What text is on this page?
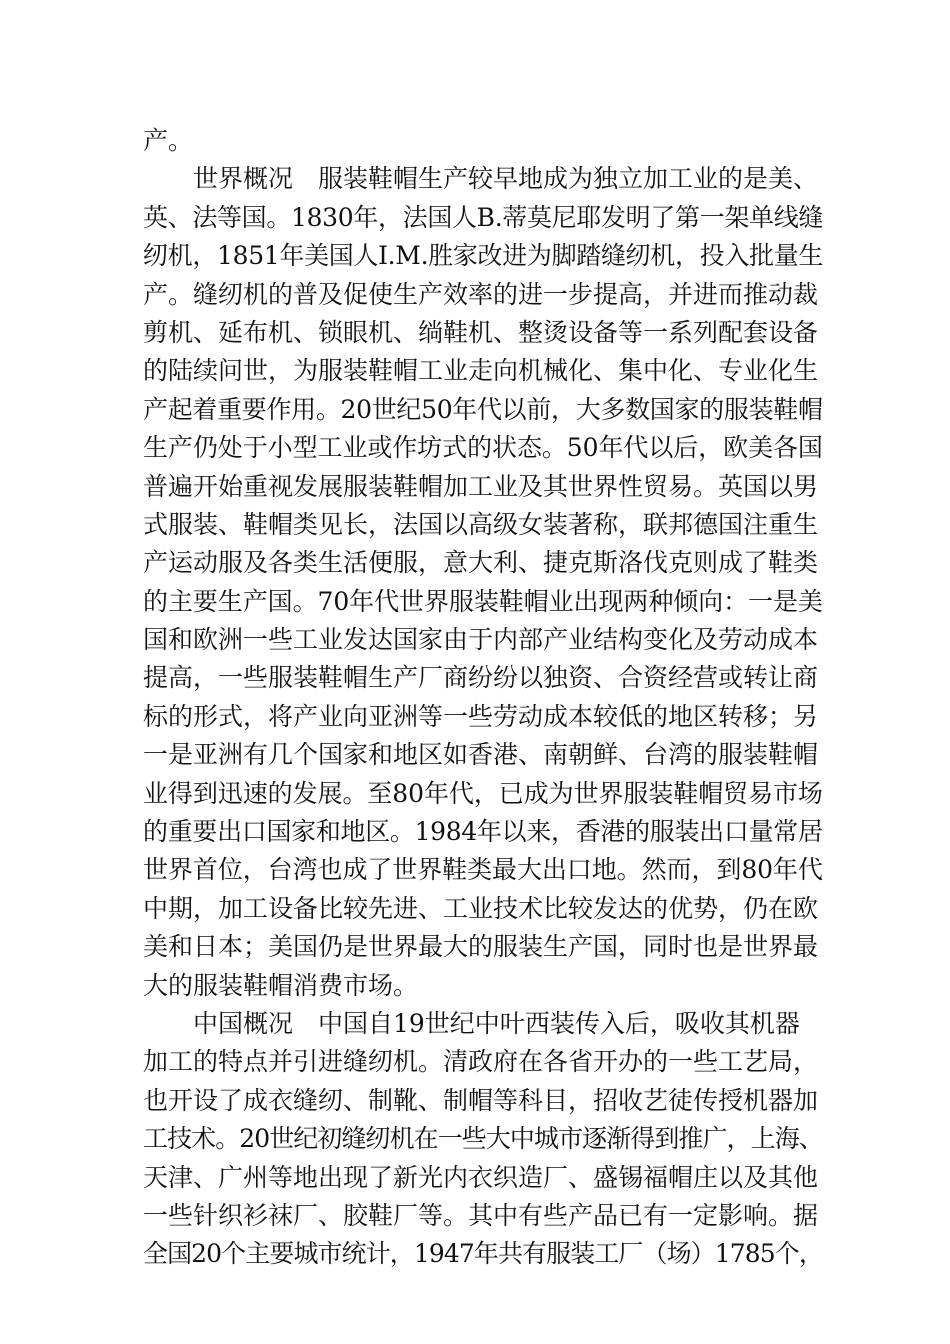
产。
世界概况　服装鞋帽生产较早地成为独立加工业的是美、
英、法等国。1830年，法国人B.蒂莫尼耶发明了第一架单线缝
纫机，1851年美国人I.M.胜家改进为脚踏缝纫机，投入批量生
产。缝纫机的普及促使生产效率的进一步提高，并进而推动裁
剪机、延布机、锁眼机、绱鞋机、整烫设备等一系列配套设备
的陆续问世，为服装鞋帽工业走向机械化、集中化、专业化生
产起着重要作用。20世纪50年代以前，大多数国家的服装鞋帽
生产仍处于小型工业或作坊式的状态。50年代以后，欧美各国
普遍开始重视发展服装鞋帽加工业及其世界性贸易。英国以男
式服装、鞋帽类见长，法国以高级女装著称，联邦德国注重生
产运动服及各类生活便服，意大利、捷克斯洛伐克则成了鞋类
的主要生产国。70年代世界服装鞋帽业出现两种倾向：一是美
国和欧洲一些工业发达国家由于内部产业结构变化及劳动成本
提高，一些服装鞋帽生产厂商纷纷以独资、合资经营或转让商
标的形式，将产业向亚洲等一些劳动成本较低的地区转移；另
一是亚洲有几个国家和地区如香港、南朝鲜、台湾的服装鞋帽
业得到迅速的发展。至80年代，已成为世界服装鞋帽贸易市场
的重要出口国家和地区。1984年以来，香港的服装出口量常居
世界首位，台湾也成了世界鞋类最大出口地。然而，到80年代
中期，加工设备比较先进、工业技术比较发达的优势，仍在欧
美和日本；美国仍是世界最大的服装生产国，同时也是世界最
大的服装鞋帽消费市场。
中国概况　中国自19世纪中叶西装传入后，吸收其机器
加工的特点并引进缝纫机。清政府在各省开办的一些工艺局，
也开设了成衣缝纫、制靴、制帽等科目，招收艺徒传授机器加
工技术。20世纪初缝纫机在一些大中城市逐渐得到推广，上海、
天津、广州等地出现了新光内衣织造厂、盛锡福帽庄以及其他
一些针织衫袜厂、胶鞋厂等。其中有些产品已有一定影响。据
全国20个主要城市统计，1947年共有服装工厂（场）1785个，
